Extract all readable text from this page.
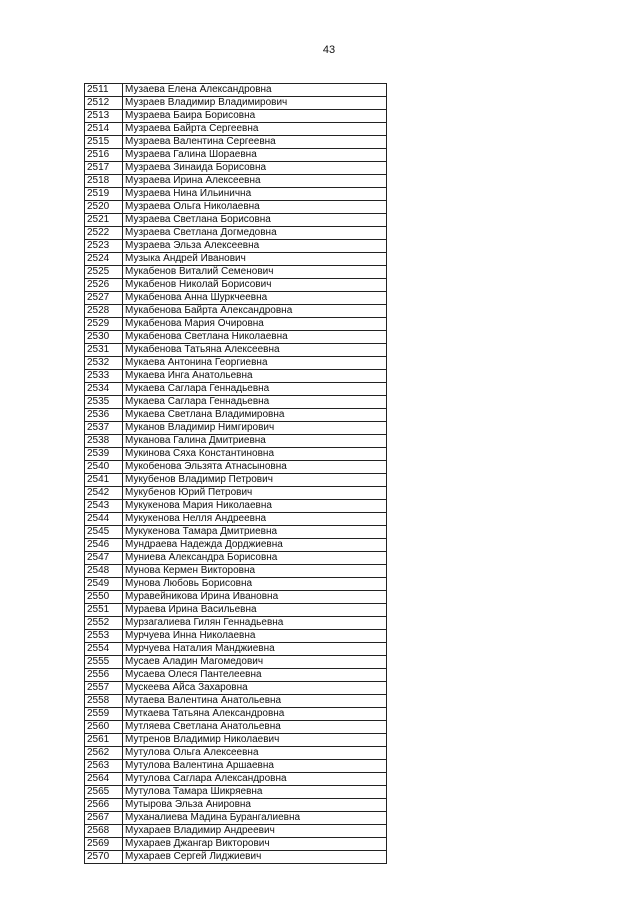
43
2511	Музаева Елена Александровна
2512	Музраев Владимир Владимирович
2513	Музраева Баира Борисовна
2514	Музраева Байрта Сергеевна
2515	Музраева Валентина Сергеевна
2516	Музраева Галина Шораевна
2517	Музраева Зинаида Борисовна
2518	Музраева Ирина Алексеевна
2519	Музраева Нина Ильинична
2520	Музраева Ольга Николаевна
2521	Музраева Светлана Борисовна
2522	Музраева Светлана Догмедовна
2523	Музраева Эльза Алексеевна
2524	Музыка Андрей Иванович
2525	Мукабенов Виталий Семенович
2526	Мукабенов Николай Борисович
2527	Мукабенова Анна Шуркчеевна
2528	Мукабенова Байрта Александровна
2529	Мукабенова Мария Очировна
2530	Мукабенова Светлана Николаевна
2531	Мукабенова Татьяна Алексеевна
2532	Мукаева Антонина Георгиевна
2533	Мукаева Инга Анатольевна
2534	Мукаева Саглара Геннадьевна
2535	Мукаева Саглара Геннадьевна
2536	Мукаева Светлана Владимировна
2537	Муканов Владимир Нимгирович
2538	Муканова Галина Дмитриевна
2539	Мукинова Сяха Константиновна
2540	Мукобенова Эльзята Атнасыновна
2541	Мукубенов Владимир Петрович
2542	Мукубенов Юрий Петрович
2543	Мукукенова Мария Николаевна
2544	Мукукенова Нелля Андреевна
2545	Мукукенова Тамара Дмитриевна
2546	Мундраева Надежда Дорджиевна
2547	Муниева Александра Борисовна
2548	Мунова Кермен Викторовна
2549	Мунова Любовь Борисовна
2550	Муравейникова Ирина Ивановна
2551	Мураева Ирина Васильевна
2552	Мурзагалиева Гилян Геннадьевна
2553	Мурчуева Инна Николаевна
2554	Мурчуева Наталия Манджиевна
2555	Мусаев Аладин Магомедович
2556	Мусаева Олеся Пантелеевна
2557	Мускеева Айса Захаровна
2558	Мутаева Валентина Анатольевна
2559	Муткаева Татьяна Александровна
2560	Мутляева Светлана Анатольевна
2561	Мутренов Владимир Николаевич
2562	Мутулова Ольга Алексеевна
2563	Мутулова Валентина Аршаевна
2564	Мутулова Саглара Александровна
2565	Мутулова Тамара Шикряевна
2566	Мутырова Эльза Анировна
2567	Муханалиева Мадина Бурангалиевна
2568	Мухараев Владимир Андреевич
2569	Мухараев Джангар Викторович
2570	Мухараев Сергей Лиджиевич
